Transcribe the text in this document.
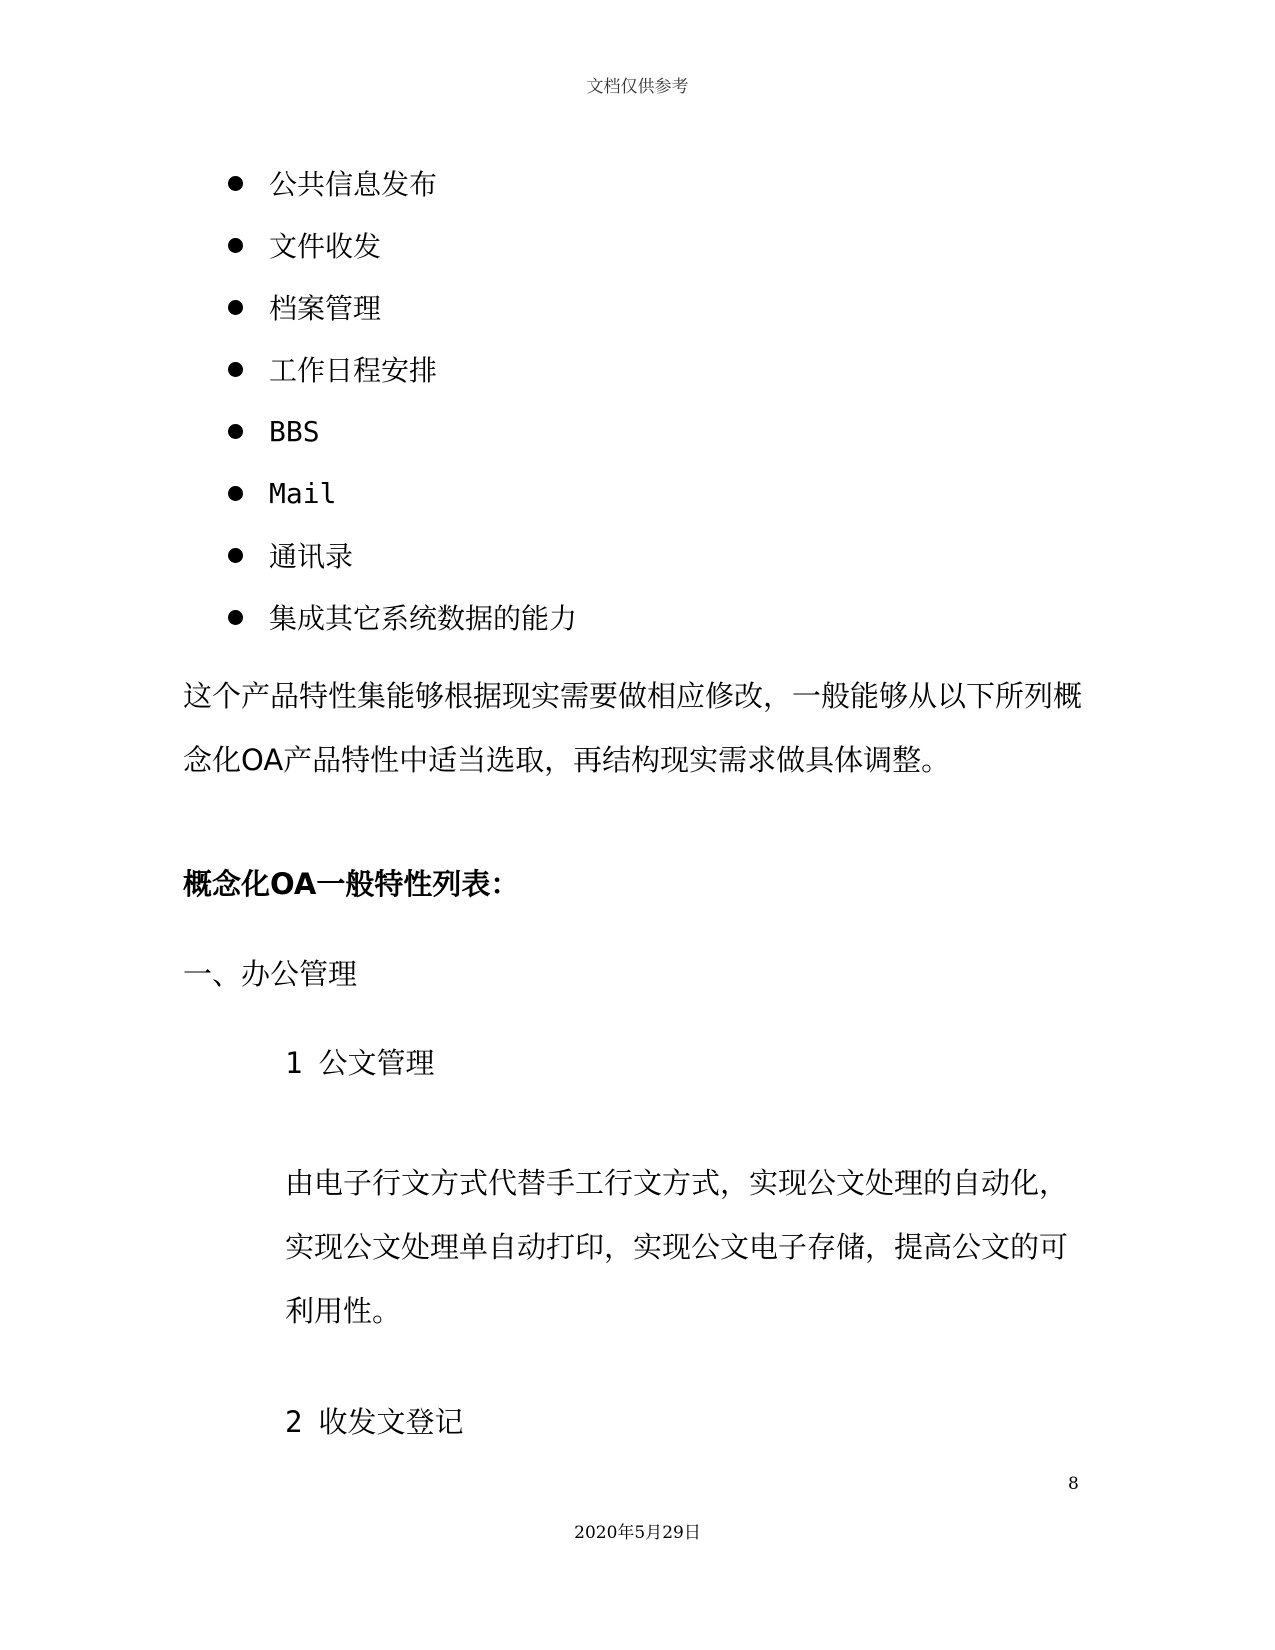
文档仅供参考
公共信息发布
文件收发
档案管理
工作日程安排
BBS
Mail
通讯录
集成其它系统数据的能力

这个产品特性集能够根据现实需要做相应修改，一般能够从以下所列概念化OA产品特性中适当选取，再结构现实需求做具体调整。

概念化OA一般特性列表：

一、办公管理

1 公文管理

由电子行文方式代替手工行文方式，实现公文处理的自动化，实现公文处理单自动打印，实现公文电子存储，提高公文的可利用性。

2 收发文登记

8
2020年5月29日
